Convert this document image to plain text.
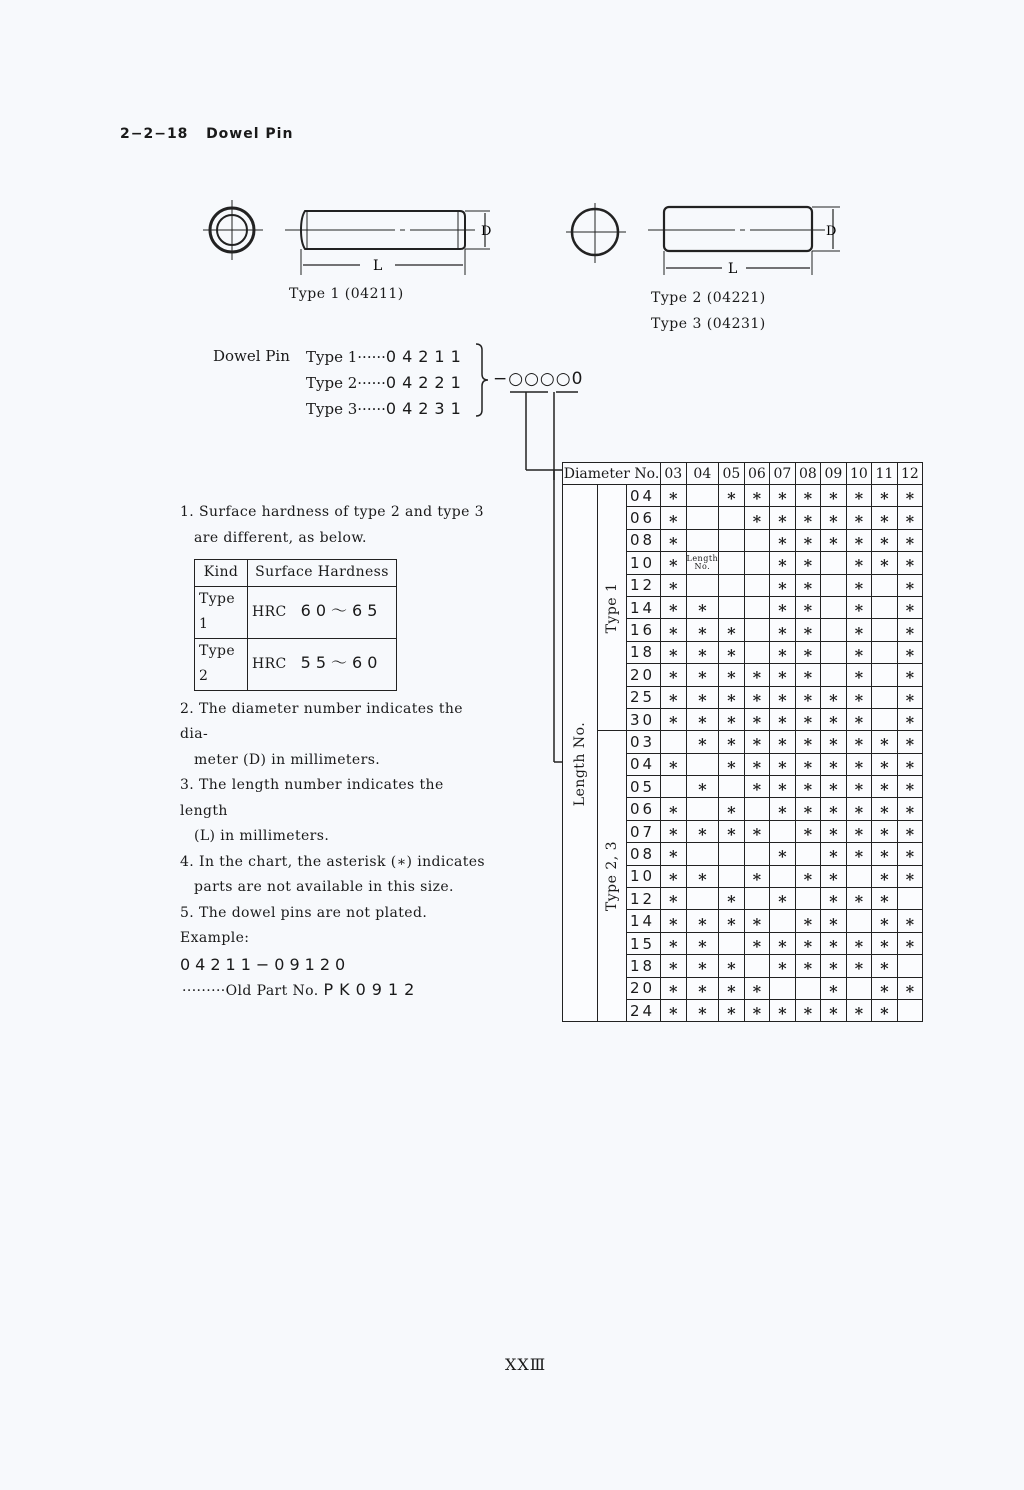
2−2−18 Dowel Pin
D
L
Type 1 (04211)
D
L
Type 2 (04221)
Type 3 (04231)
Dowel Pin Type 1······04211
Type 2······04221
Type 3······04231
−○○○○0

1. Surface hardness of type 2 and type 3

are different, as below.

Kind	Surface Hardness
Type 1	HRC 60〜65
Type 2	HRC 55〜60

2. The diameter number indicates the dia-

meter (D) in millimeters.

3. The length number indicates the length

(L) in millimeters.

4. In the chart, the asterisk (∗) indicates

parts are not available in this size.

5. The dowel pins are not plated.

Example:

04211−09120

·········Old Part No. PK0912

Diameter No.			03	04	05	06	07	08	09	10	11	12

Length No.	Type 1	04	∗		∗	∗	∗	∗	∗	∗	∗	∗
		06	∗			∗	∗	∗	∗	∗	∗	∗
		08	∗				∗	∗	∗	∗	∗	∗
		10	∗	Length No.			∗	∗		∗	∗	∗
		12	∗				∗	∗		∗		∗
		14	∗	∗			∗	∗		∗		∗
		16	∗	∗	∗		∗	∗		∗		∗
		18	∗	∗	∗		∗	∗		∗		∗
		20	∗	∗	∗	∗	∗	∗		∗		∗
		25	∗	∗	∗	∗	∗	∗	∗	∗		∗
		30	∗	∗	∗	∗	∗	∗	∗	∗		∗

	Type 2, 3	03		∗	∗	∗	∗	∗	∗	∗	∗	∗
		04	∗		∗	∗	∗	∗	∗	∗	∗	∗
		05		∗		∗	∗	∗	∗	∗	∗	∗
		06	∗		∗		∗	∗	∗	∗	∗	∗
		07	∗	∗	∗	∗		∗	∗	∗	∗	∗
		08	∗				∗		∗	∗	∗	∗
		10	∗	∗		∗		∗	∗		∗	∗
		12	∗		∗		∗		∗	∗	∗	
		14	∗	∗	∗	∗		∗	∗		∗	∗
		15	∗	∗		∗	∗	∗	∗	∗	∗	∗
		18	∗	∗	∗		∗	∗	∗	∗	∗	
		20	∗	∗	∗	∗			∗		∗	∗
		24	∗	∗	∗	∗	∗	∗	∗	∗	∗	
XXⅢ
